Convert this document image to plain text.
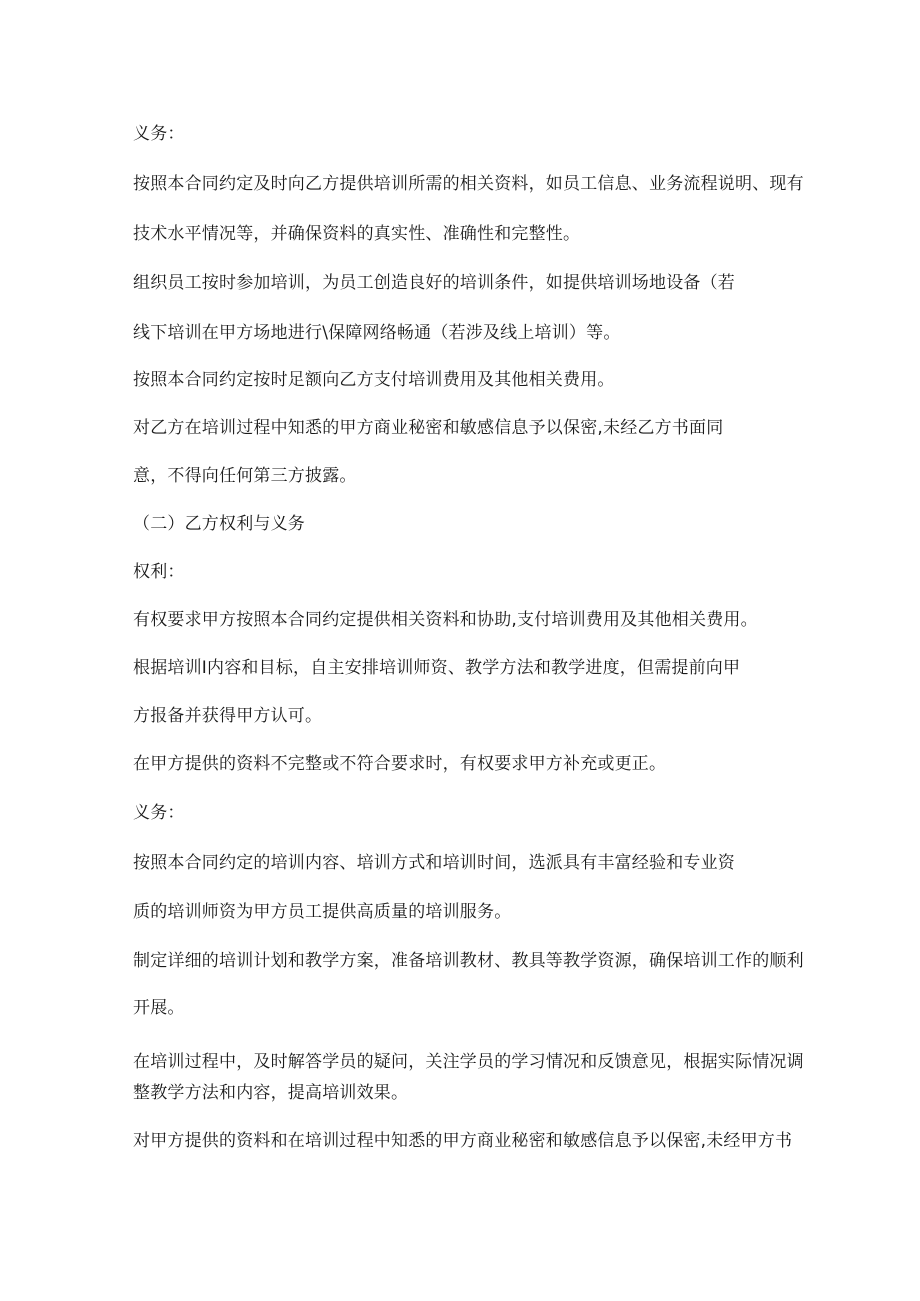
义务：
按照本合同约定及时向乙方提供培训所需的相关资料，如员工信息、业务流程说明、现有
技术水平情况等，并确保资料的真实性、准确性和完整性。
组织员工按时参加培训，为员工创造良好的培训条件，如提供培训场地设备（若
线下培训在甲方场地进行\保障网络畅通（若涉及线上培训）等。
按照本合同约定按时足额向乙方支付培训费用及其他相关费用。
对乙方在培训过程中知悉的甲方商业秘密和敏感信息予以保密,未经乙方书面同
意，不得向任何第三方披露。
（二）乙方权利与义务
权利：
有权要求甲方按照本合同约定提供相关资料和协助,支付培训费用及其他相关费用。
根据培训I内容和目标，自主安排培训师资、教学方法和教学进度，但需提前向甲
方报备并获得甲方认可。
在甲方提供的资料不完整或不符合要求时，有权要求甲方补充或更正。
义务：
按照本合同约定的培训内容、培训方式和培训时间，选派具有丰富经验和专业资
质的培训师资为甲方员工提供高质量的培训服务。
制定详细的培训计划和教学方案，准备培训教材、教具等教学资源，确保培训工作的顺利
开展。
在培训过程中，及时解答学员的疑问，关注学员的学习情况和反馈意见，根据实际情况调
整教学方法和内容，提高培训效果。
对甲方提供的资料和在培训过程中知悉的甲方商业秘密和敏感信息予以保密,未经甲方书
